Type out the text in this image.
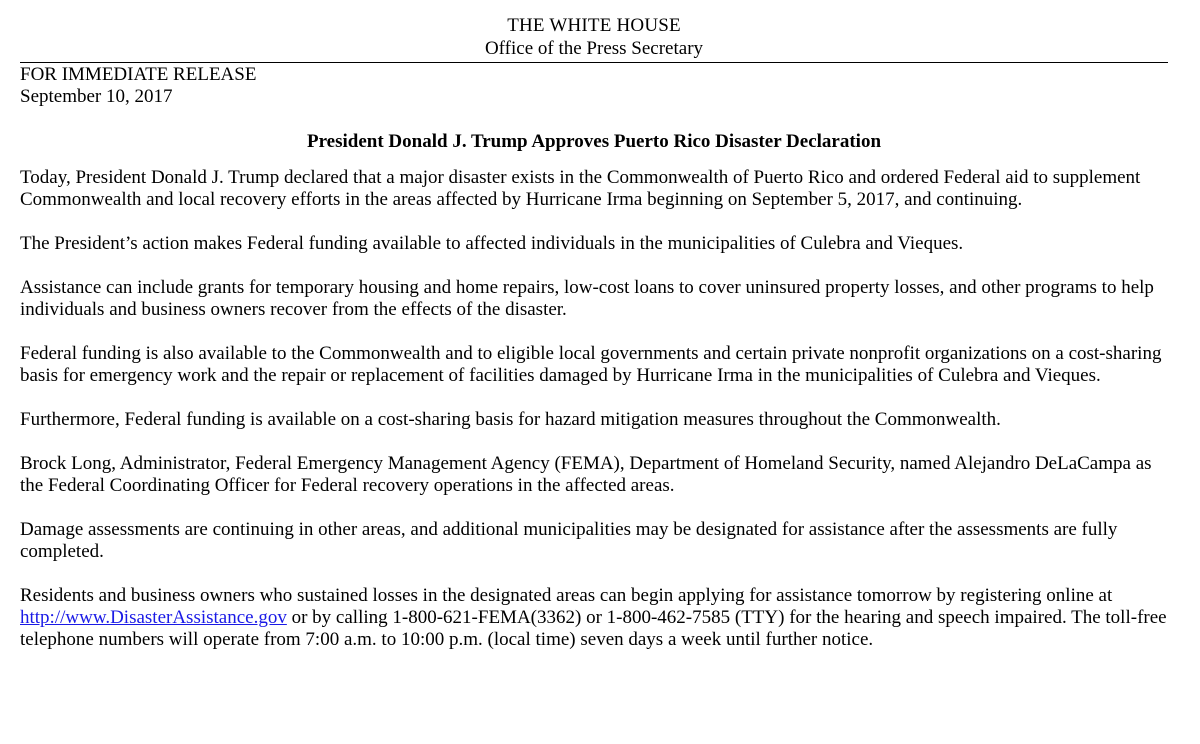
THE WHITE HOUSE
Office of the Press Secretary
FOR IMMEDIATE RELEASE
September 10, 2017
President Donald J. Trump Approves Puerto Rico Disaster Declaration

Today, President Donald J. Trump declared that a major disaster exists in the Commonwealth of Puerto Rico and ordered Federal aid to supplement Commonwealth and local recovery efforts in the areas affected by Hurricane Irma beginning on September 5, 2017, and continuing.

The President’s action makes Federal funding available to affected individuals in the municipalities of Culebra and Vieques.

Assistance can include grants for temporary housing and home repairs, low-cost loans to cover uninsured property losses, and other programs to help individuals and business owners recover from the effects of the disaster.

Federal funding is also available to the Commonwealth and to eligible local governments and certain private nonprofit organizations on a cost-sharing basis for emergency work and the repair or replacement of facilities damaged by Hurricane Irma in the municipalities of Culebra and Vieques.

Furthermore, Federal funding is available on a cost-sharing basis for hazard mitigation measures throughout the Commonwealth.

Brock Long, Administrator, Federal Emergency Management Agency (FEMA), Department of Homeland Security, named Alejandro DeLaCampa as the Federal Coordinating Officer for Federal recovery operations in the affected areas.

Damage assessments are continuing in other areas, and additional municipalities may be designated for assistance after the assessments are fully completed.

Residents and business owners who sustained losses in the designated areas can begin applying for assistance tomorrow by registering online at http://www.DisasterAssistance.gov or by calling 1-800-621-FEMA(3362) or 1-800-462-7585 (TTY) for the hearing and speech impaired. The toll-free telephone numbers will operate from 7:00 a.m. to 10:00 p.m. (local time) seven days a week until further notice.
